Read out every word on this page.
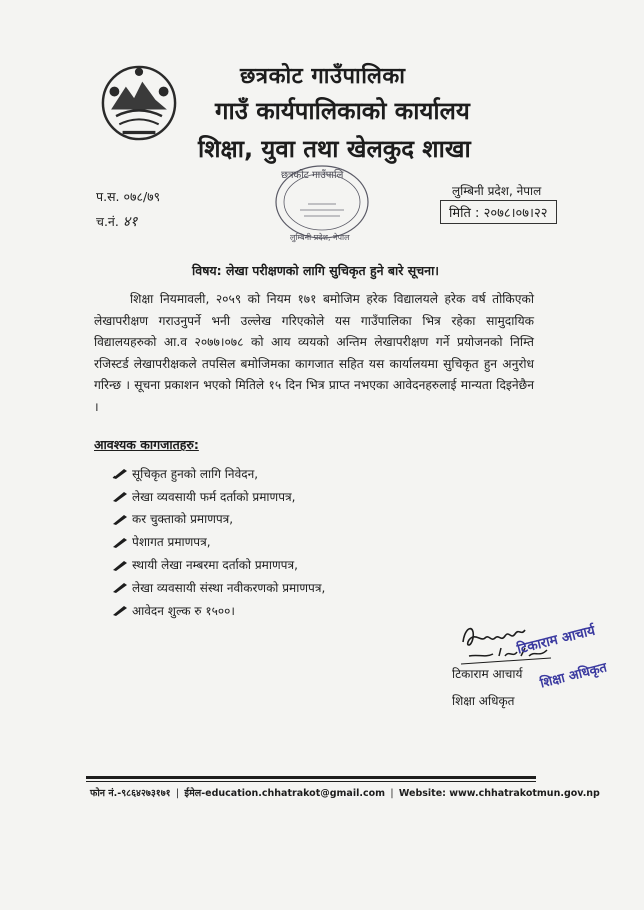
छत्रकोट गाउँपालिका
गाउँ कार्यपालिकाको कार्यालय
शिक्षा, युवा तथा खेलकुद शाखा
प.स. ०७८/७९
च.नं. ४१
छत्रकोट गाउँपालि
लुम्बिनी प्रदेश, नेपाल
लुम्बिनी प्रदेश, नेपाल
मिति : २०७८।०७।२२
विषय: लेखा परीक्षणको लागि सुचिकृत हुने बारे सूचना।

शिक्षा नियमावली, २०५९ को नियम १७१ बमोजिम हरेक विद्यालयले हरेक वर्ष तोकिएको लेखापरीक्षण गराउनुपर्ने भनी उल्लेख गरिएकोले यस गाउँपालिका भित्र रहेका सामुदायिक विद्यालयहरुको आ.व २०७७।०७८ को आय व्ययको अन्तिम लेखापरीक्षण गर्ने प्रयोजनको निम्ति रजिस्टर्ड लेखापरीक्षकले तपसिल बमोजिमका कागजात सहित यस कार्यालयमा सुचिकृत हुन अनुरोध गरिन्छ । सूचना प्रकाशन भएको मितिले १५ दिन भित्र प्राप्त नभएका आवेदनहरुलाई मान्यता दिइनेछैन ।

आवश्यक कागजातहरु:
सूचिकृत हुनको लागि निवेदन,
लेखा व्यवसायी फर्म दर्ताको प्रमाणपत्र,
कर चुक्ताको प्रमाणपत्र,
पेशागत प्रमाणपत्र,
स्थायी लेखा नम्बरमा दर्ताको प्रमाणपत्र,
लेखा व्यवसायी संस्था नवीकरणको प्रमाणपत्र,
आवेदन शुल्क रु १५००।
टिकाराम आचार्य
टिकाराम आचार्य
शिक्षा अधिकृत
शिक्षा अधिकृत
फोन नं.-९८६४२७३१७१ | ईमेल-education.chhatrakot@gmail.com | Website: www.chhatrakotmun.gov.np
